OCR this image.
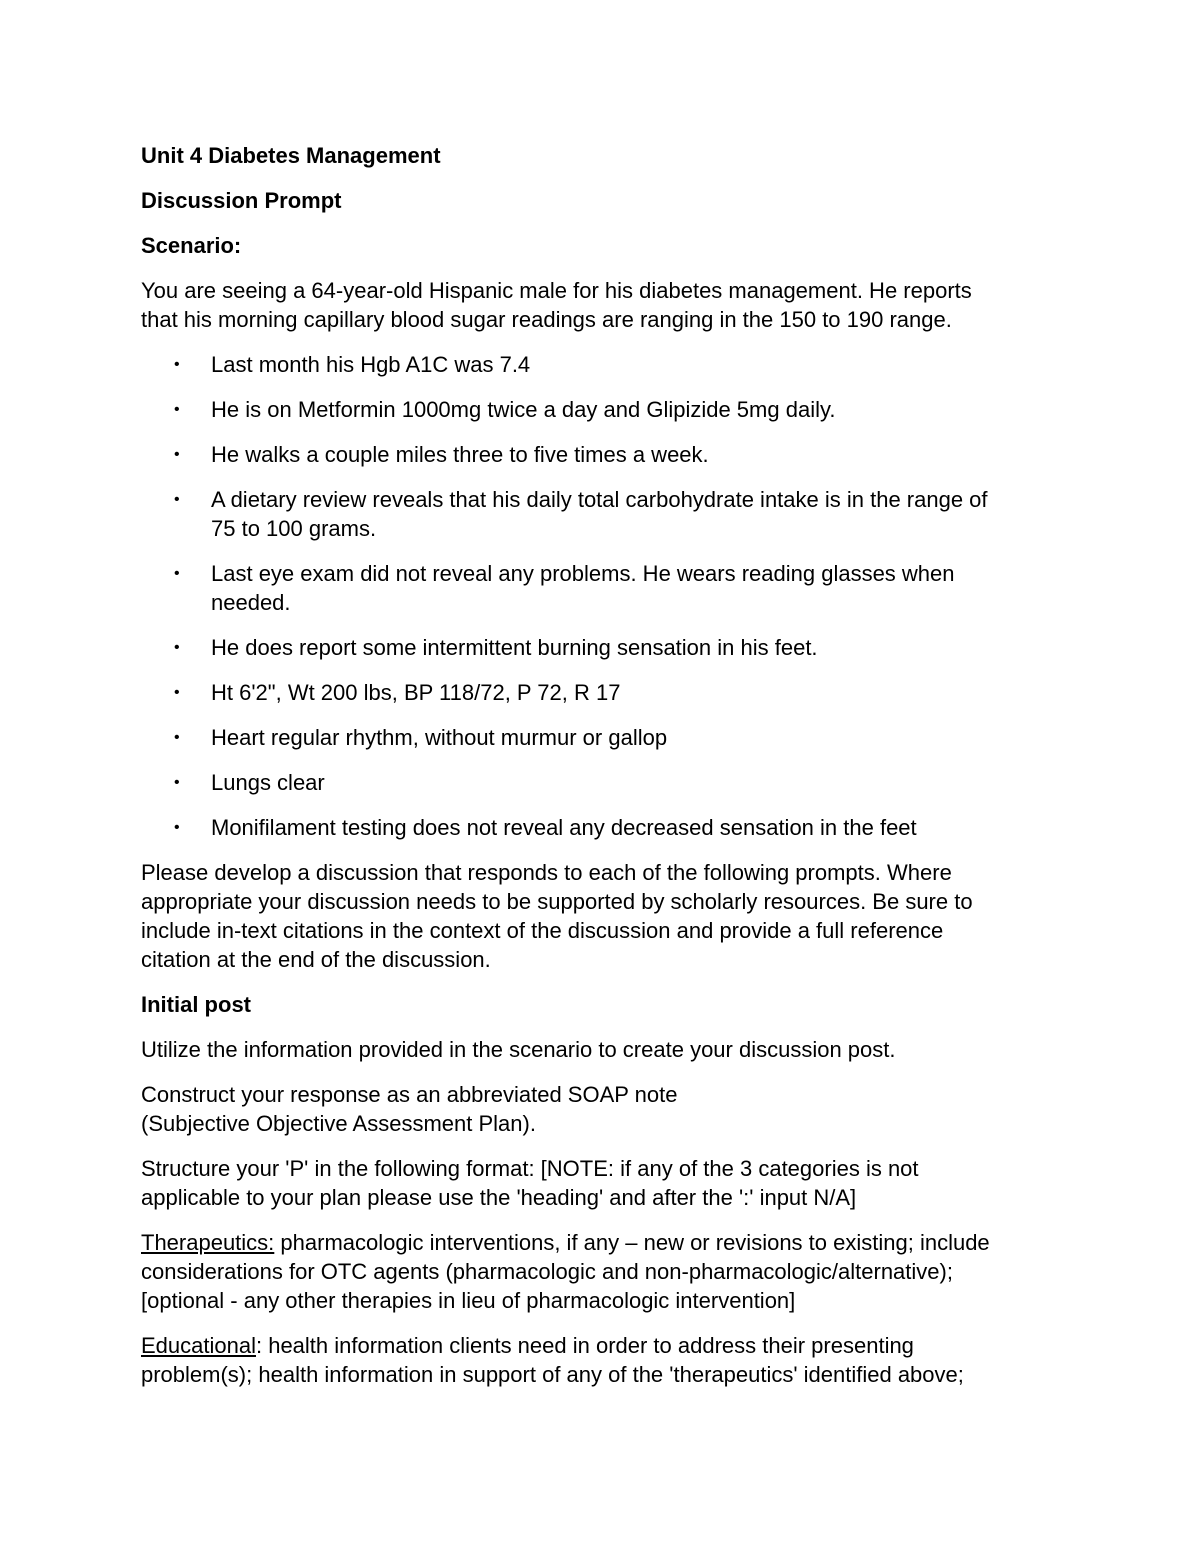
Unit 4 Diabetes Management
Discussion Prompt
Scenario:

You are seeing a 64-year-old Hispanic male for his diabetes management. He reports
that his morning capillary blood sugar readings are ranging in the 150 to 190 range.

• Last month his Hgb A1C was 7.4
• He is on Metformin 1000mg twice a day and Glipizide 5mg daily.
• He walks a couple miles three to five times a week.
• A dietary review reveals that his daily total carbohydrate intake is in the range of
75 to 100 grams.
• Last eye exam did not reveal any problems. He wears reading glasses when
needed.
• He does report some intermittent burning sensation in his feet.
• Ht 6'2", Wt 200 lbs, BP 118/72, P 72, R 17
• Heart regular rhythm, without murmur or gallop
• Lungs clear
• Monifilament testing does not reveal any decreased sensation in the feet

Please develop a discussion that responds to each of the following prompts. Where
appropriate your discussion needs to be supported by scholarly resources. Be sure to
include in-text citations in the context of the discussion and provide a full reference
citation at the end of the discussion.

Initial post

Utilize the information provided in the scenario to create your discussion post.

Construct your response as an abbreviated SOAP note
(Subjective Objective Assessment Plan).

Structure your 'P' in the following format: [NOTE: if any of the 3 categories is not
applicable to your plan please use the 'heading' and after the ':' input N/A]

Therapeutics: pharmacologic interventions, if any – new or revisions to existing; include
considerations for OTC agents (pharmacologic and non-pharmacologic/alternative);
[optional - any other therapies in lieu of pharmacologic intervention]

Educational: health information clients need in order to address their presenting
problem(s); health information in support of any of the 'therapeutics' identified above;
